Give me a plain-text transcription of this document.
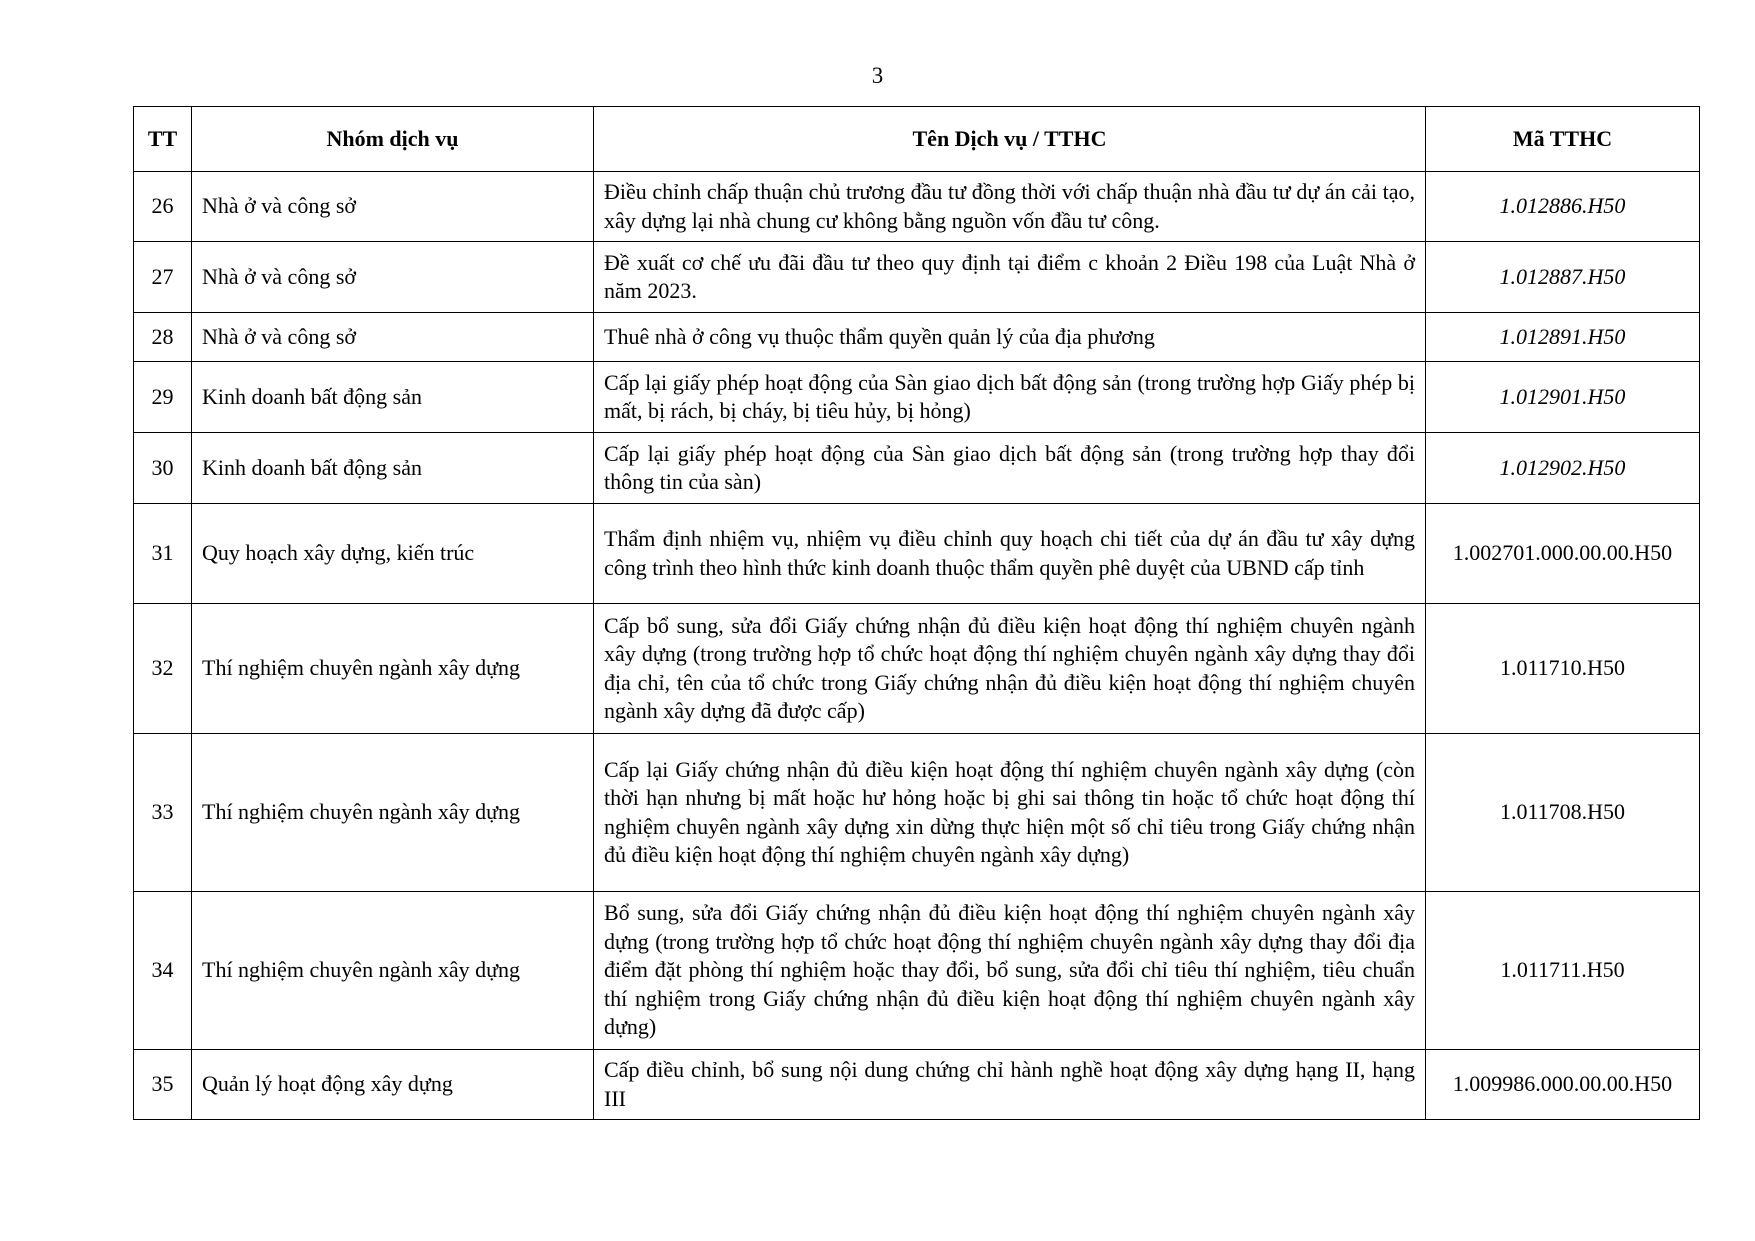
3
TT	Nhóm dịch vụ	Tên Dịch vụ / TTHC	Mã TTHC
26	Nhà ở và công sở	Điều chỉnh chấp thuận chủ trương đầu tư đồng thời với chấp thuận nhà đầu tư dự án cải tạo, xây dựng lại nhà chung cư không bằng nguồn vốn đầu tư công.	1.012886.H50
27	Nhà ở và công sở	Đề xuất cơ chế ưu đãi đầu tư theo quy định tại điểm c khoản 2 Điều 198 của Luật Nhà ở năm 2023.	1.012887.H50
28	Nhà ở và công sở	Thuê nhà ở công vụ thuộc thẩm quyền quản lý của địa phương	1.012891.H50
29	Kinh doanh bất động sản	Cấp lại giấy phép hoạt động của Sàn giao dịch bất động sản (trong trường hợp Giấy phép bị mất, bị rách, bị cháy, bị tiêu hủy, bị hỏng)	1.012901.H50
30	Kinh doanh bất động sản	Cấp lại giấy phép hoạt động của Sàn giao dịch bất động sản (trong trường hợp thay đổi thông tin của sàn)	1.012902.H50
31	Quy hoạch xây dựng, kiến trúc	Thẩm định nhiệm vụ, nhiệm vụ điều chỉnh quy hoạch chi tiết của dự án đầu tư xây dựng công trình theo hình thức kinh doanh thuộc thẩm quyền phê duyệt của UBND cấp tỉnh	1.002701.000.00.00.H50
32	Thí nghiệm chuyên ngành xây dựng	Cấp bổ sung, sửa đổi Giấy chứng nhận đủ điều kiện hoạt động thí nghiệm chuyên ngành xây dựng (trong trường hợp tổ chức hoạt động thí nghiệm chuyên ngành xây dựng thay đổi địa chỉ, tên của tổ chức trong Giấy chứng nhận đủ điều kiện hoạt động thí nghiệm chuyên ngành xây dựng đã được cấp)	1.011710.H50
33	Thí nghiệm chuyên ngành xây dựng	Cấp lại Giấy chứng nhận đủ điều kiện hoạt động thí nghiệm chuyên ngành xây dựng (còn thời hạn nhưng bị mất hoặc hư hỏng hoặc bị ghi sai thông tin hoặc tổ chức hoạt động thí nghiệm chuyên ngành xây dựng xin dừng thực hiện một số chỉ tiêu trong Giấy chứng nhận đủ điều kiện hoạt động thí nghiệm chuyên ngành xây dựng)	1.011708.H50
34	Thí nghiệm chuyên ngành xây dựng	Bổ sung, sửa đổi Giấy chứng nhận đủ điều kiện hoạt động thí nghiệm chuyên ngành xây dựng (trong trường hợp tổ chức hoạt động thí nghiệm chuyên ngành xây dựng thay đổi địa điểm đặt phòng thí nghiệm hoặc thay đổi, bổ sung, sửa đổi chỉ tiêu thí nghiệm, tiêu chuẩn thí nghiệm trong Giấy chứng nhận đủ điều kiện hoạt động thí nghiệm chuyên ngành xây dựng)	1.011711.H50
35	Quản lý hoạt động xây dựng	Cấp điều chỉnh, bổ sung nội dung chứng chỉ hành nghề hoạt động xây dựng hạng II, hạng III	1.009986.000.00.00.H50
